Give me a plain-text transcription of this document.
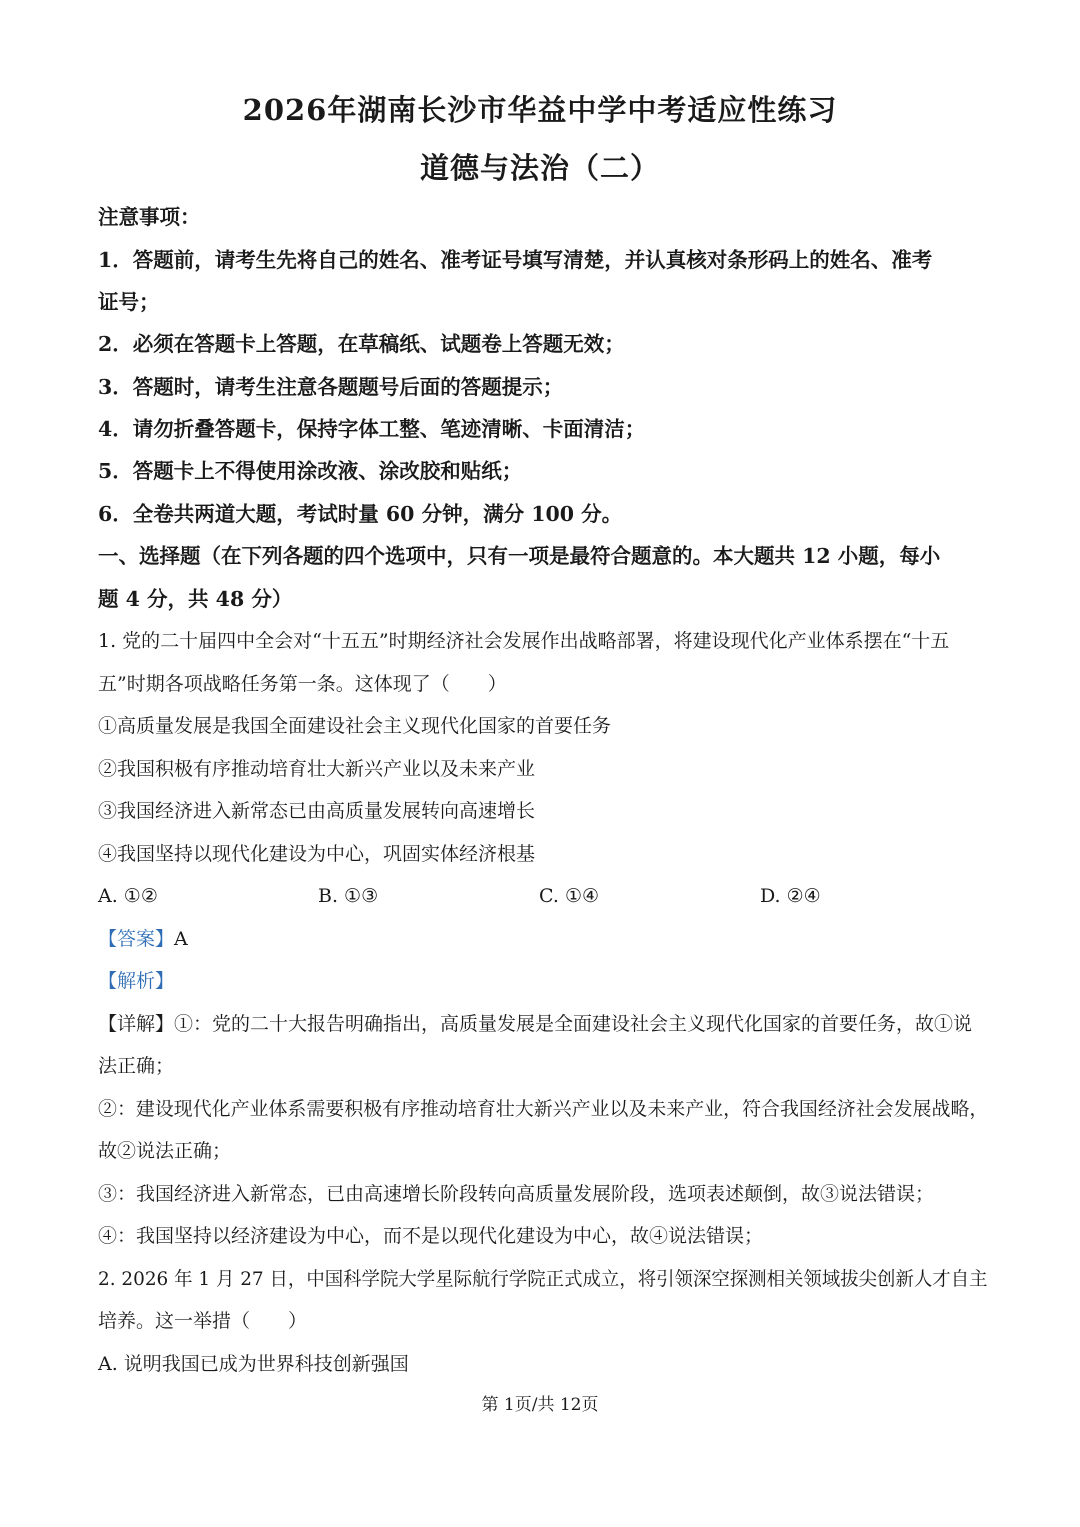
2026年湖南长沙市华益中学中考适应性练习
道德与法治（二）
注意事项：
1．答题前，请考生先将自己的姓名、准考证号填写清楚，并认真核对条形码上的姓名、准考
证号；
2．必须在答题卡上答题，在草稿纸、试题卷上答题无效；
3．答题时，请考生注意各题题号后面的答题提示；
4．请勿折叠答题卡，保持字体工整、笔迹清晰、卡面清洁；
5．答题卡上不得使用涂改液、涂改胶和贴纸；
6．全卷共两道大题，考试时量 60 分钟，满分 100 分。
一、选择题（在下列各题的四个选项中，只有一项是最符合题意的。本大题共 12 小题，每小
题 4 分，共 48 分）
1. 党的二十届四中全会对“十五五”时期经济社会发展作出战略部署，将建设现代化产业体系摆在“十五
五”时期各项战略任务第一条。这体现了（　　）
①高质量发展是我国全面建设社会主义现代化国家的首要任务
②我国积极有序推动培育壮大新兴产业以及未来产业
③我国经济进入新常态已由高质量发展转向高速增长
④我国坚持以现代化建设为中心，巩固实体经济根基
A. ①②	B. ①③	C. ①④	D. ②④
【答案】A
【解析】
【详解】①：党的二十大报告明确指出，高质量发展是全面建设社会主义现代化国家的首要任务，故①说
法正确；
②：建设现代化产业体系需要积极有序推动培育壮大新兴产业以及未来产业，符合我国经济社会发展战略，
故②说法正确；
③：我国经济进入新常态，已由高速增长阶段转向高质量发展阶段，选项表述颠倒，故③说法错误；
④：我国坚持以经济建设为中心，而不是以现代化建设为中心，故④说法错误；
2. 2026 年 1 月 27 日，中国科学院大学星际航行学院正式成立，将引领深空探测相关领域拔尖创新人才自主
培养。这一举措（　　）
A. 说明我国已成为世界科技创新强国
第 1页/共 12页
